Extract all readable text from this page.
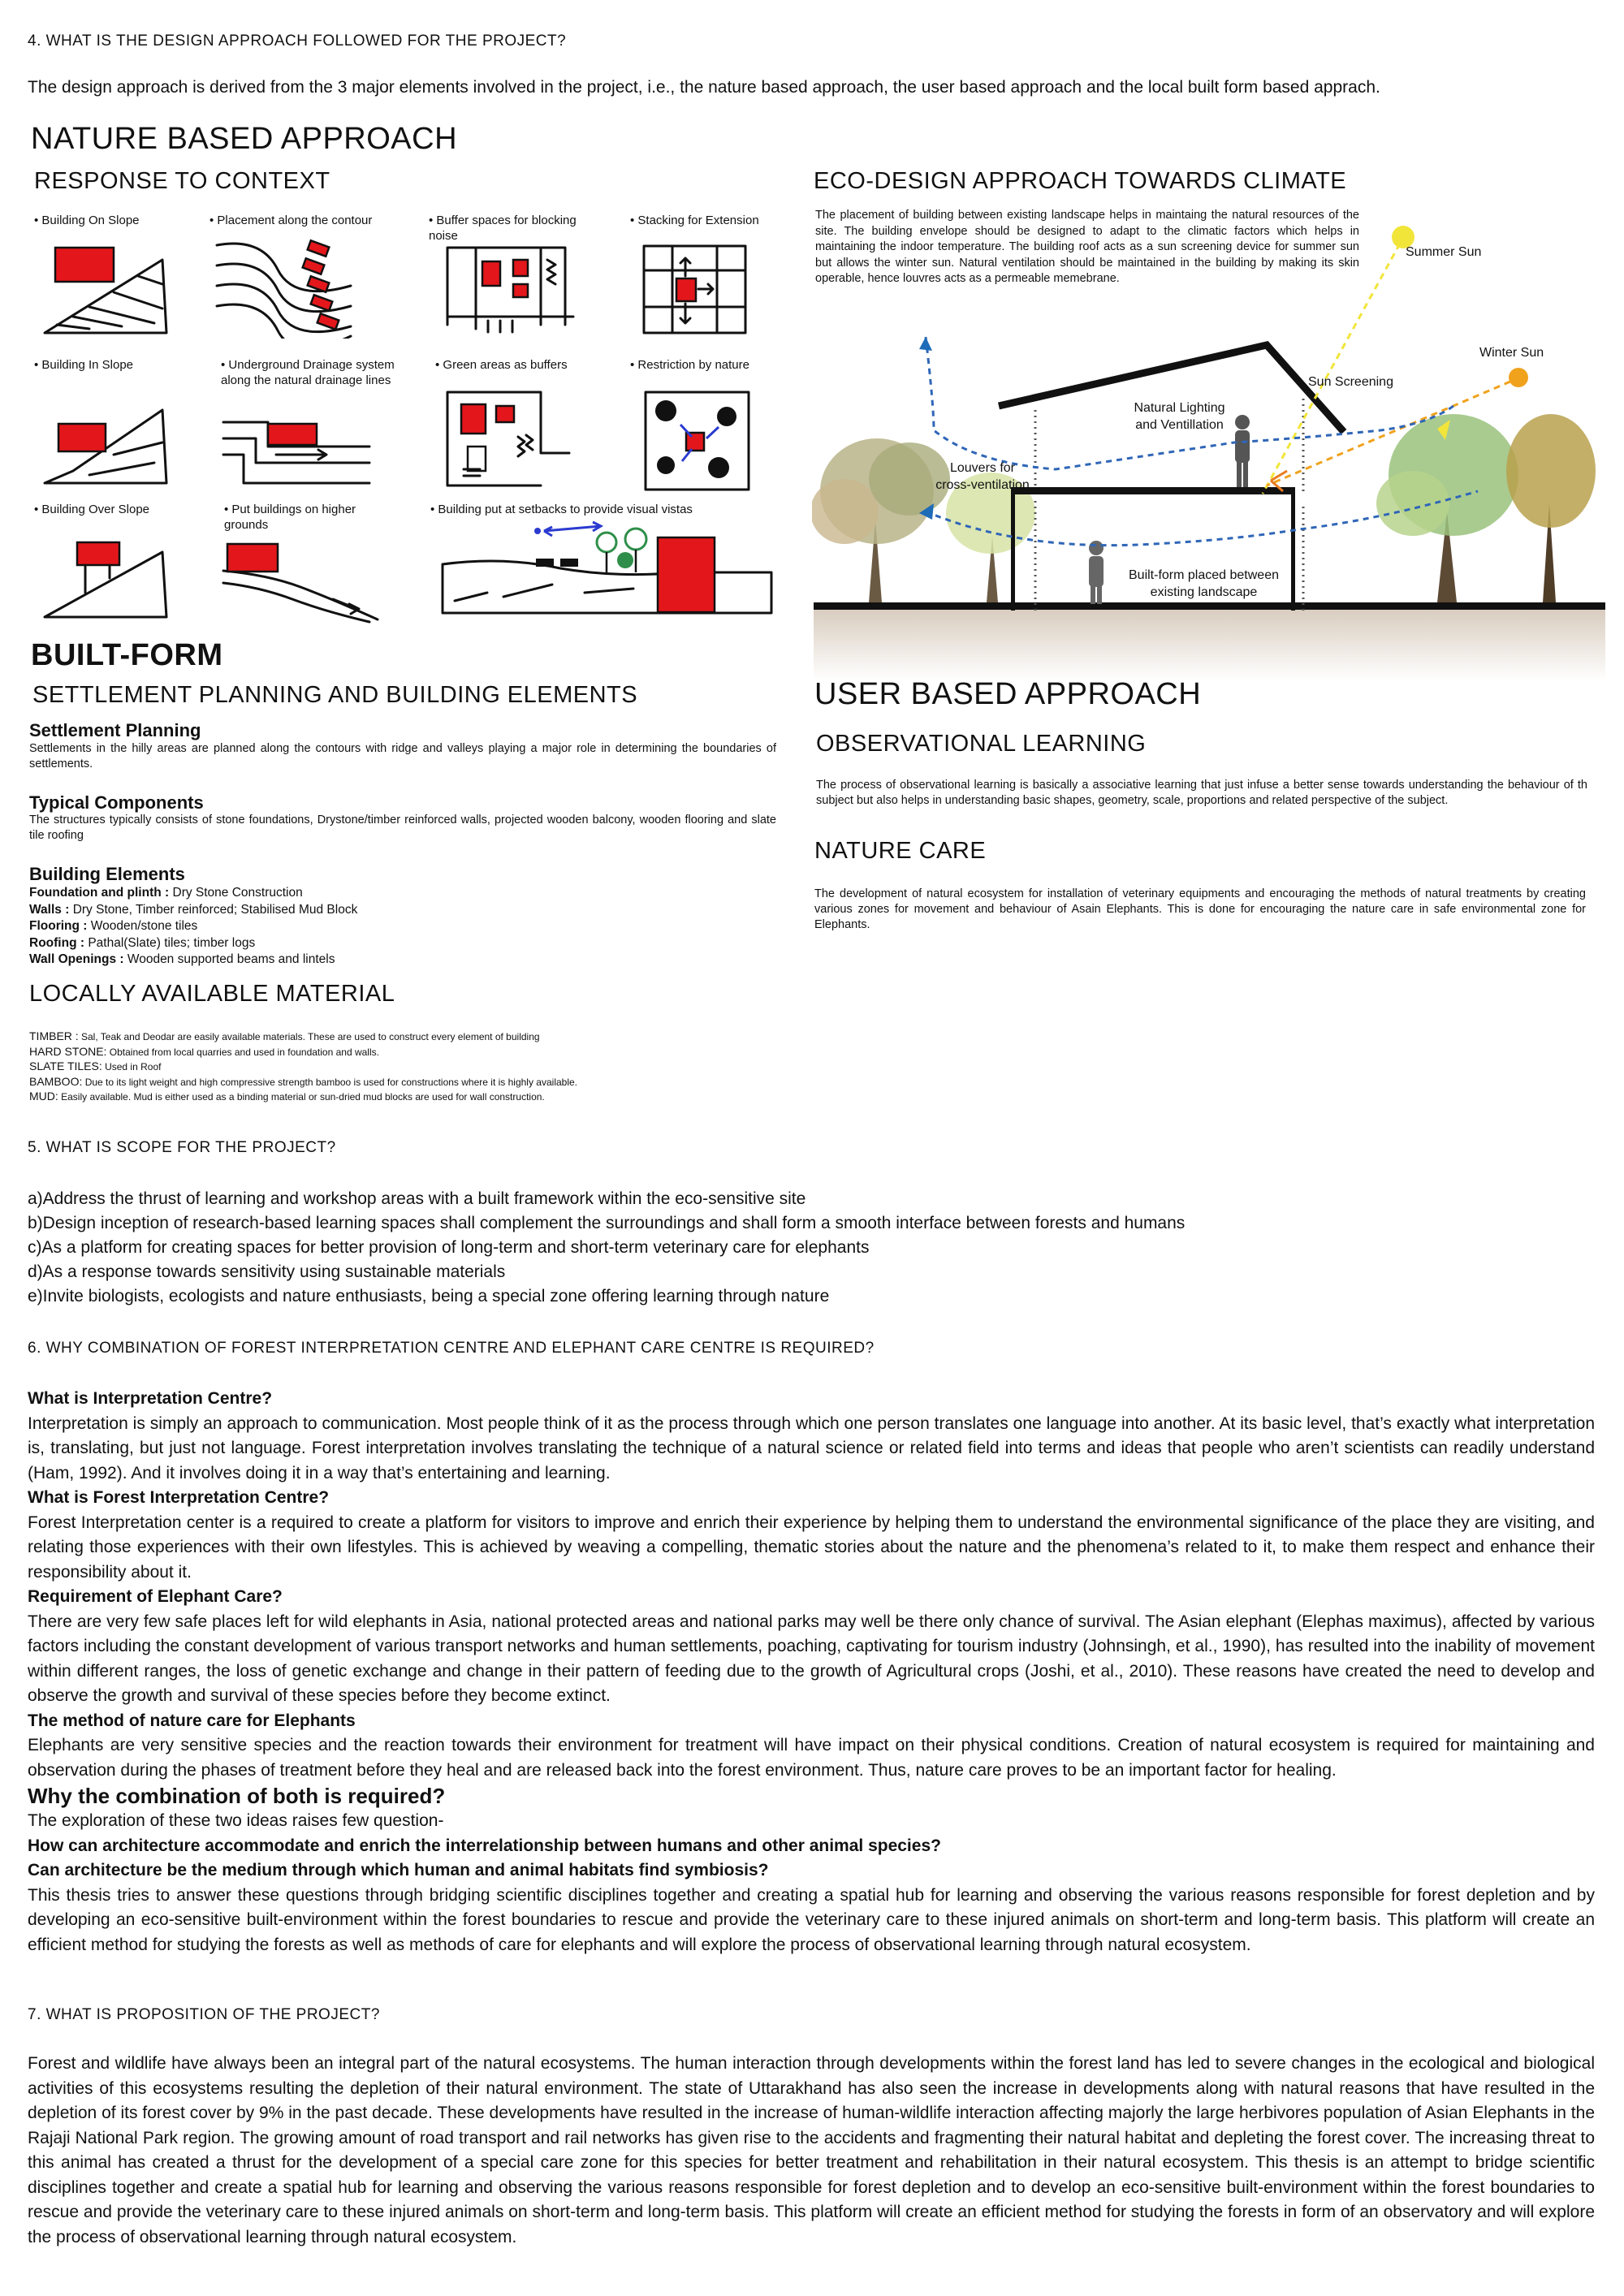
4. WHAT IS THE DESIGN APPROACH FOLLOWED FOR THE PROJECT?
The design approach is derived from the 3 major elements involved in the project, i.e., the nature based approach, the user based approach and the local built form based apprach.
NATURE BASED APPROACH
RESPONSE TO CONTEXT
• Building On Slope	• Placement along the contour	• Buffer spaces for blocking noise
• Stacking for Extension
• Building In Slope	• Underground Drainage system along the natural drainage lines
• Green areas as buffers	• Restriction by nature
• Building Over Slope	• Put buildings on higher grounds
• Building put at setbacks to provide visual vistas
ECO-DESIGN APPROACH TOWARDS CLIMATE
The placement of building between existing landscape helps in maintaing the natural resources of the site. The building envelope should be designed to adapt to the climatic factors which helps in maintaining the indoor temperature. The building roof acts as a sun screening device for summer sun but allows the winter sun. Natural ventilation should be maintained in the building by making its skin operable, hence louvres acts as a permeable memebrane.
Summer Sun
Winter Sun
Sun Screening
Natural Lighting
and Ventillation
Louvers for
cross-ventilation
Built-form placed between
existing landscape
BUILT-FORM
SETTLEMENT PLANNING AND BUILDING ELEMENTS
Settlement Planning
Settlements in the hilly areas are planned along the contours with ridge and valleys playing a major role in determining the boundaries of settlements.
Typical Components
The structures typically consists of stone foundations, Drystone/timber reinforced walls, projected wooden balcony, wooden flooring and slate tile roofing
Building Elements
Foundation and plinth : Dry Stone Construction
Walls : Dry Stone, Timber reinforced; Stabilised Mud Block
Flooring : Wooden/stone tiles
Roofing : Pathal(Slate) tiles; timber logs
Wall Openings : Wooden supported beams and lintels
LOCALLY AVAILABLE MATERIAL
TIMBER : Sal, Teak and Deodar are easily available materials. These are used to construct every element of building
HARD STONE: Obtained from local quarries and used in foundation and walls.
SLATE TILES: Used in Roof
BAMBOO: Due to its light weight and high compressive strength bamboo is used for constructions where it is highly available.
MUD: Easily available. Mud is either used as a binding material or sun-dried mud blocks are used for wall construction.
USER BASED APPROACH
OBSERVATIONAL LEARNING
The process of observational learning is basically a associative learning that just infuse a better sense towards understanding the behaviour of th subject but also helps in understanding basic shapes, geometry, scale, proportions and related perspective of the subject.
NATURE CARE
The development of natural ecosystem for installation of veterinary equipments and encouraging the methods of natural treatments by creating various zones for movement and behaviour of Asain Elephants. This is done for encouraging the nature care in safe environmental zone for Elephants.
5. WHAT IS SCOPE FOR THE PROJECT?
a)Address the thrust of learning and workshop areas with a built framework within the eco-sensitive site
b)Design inception of research-based learning spaces shall complement the surroundings and shall form a smooth interface between forests and humans
c)As a platform for creating spaces for better provision of long-term and short-term veterinary care for elephants
d)As a response towards sensitivity using sustainable materials
e)Invite biologists, ecologists and nature enthusiasts, being a special zone offering learning through nature
6. WHY COMBINATION OF FOREST INTERPRETATION CENTRE AND ELEPHANT CARE CENTRE IS REQUIRED?
What is Interpretation Centre?
Interpretation is simply an approach to communication. Most people think of it as the process through which one person translates one language into another. At its basic level, that’s exactly what interpretation is, translating, but just not language. Forest interpretation involves translating the technique of a natural science or related field into terms and ideas that people who aren’t scientists can readily understand (Ham, 1992). And it involves doing it in a way that’s entertaining and learning.
What is Forest Interpretation Centre?
Forest Interpretation center is a required to create a platform for visitors to improve and enrich their experience by helping them to understand the environmental significance of the place they are visiting, and relating those experiences with their own lifestyles. This is achieved by weaving a compelling, thematic stories about the nature and the phenomena’s related to it, to make them respect and enhance their responsibility about it.
Requirement of Elephant Care?
There are very few safe places left for wild elephants in Asia, national protected areas and national parks may well be there only chance of survival. The Asian elephant (Elephas maximus), affected by various factors including the constant development of various transport networks and human settlements, poaching, captivating for tourism industry (Johnsingh, et al., 1990), has resulted into the inability of movement within different ranges, the loss of genetic exchange and change in their pattern of feeding due to the growth of Agricultural crops (Joshi, et al., 2010). These reasons have created the need to develop and observe the growth and survival of these species before they become extinct.
The method of nature care for Elephants
Elephants are very sensitive species and the reaction towards their environment for treatment will have impact on their physical conditions. Creation of natural ecosystem is required for maintaining and observation during the phases of treatment before they heal and are released back into the forest environment. Thus, nature care proves to be an important factor for healing.
Why the combination of both is required?
The exploration of these two ideas raises few question-
How can architecture accommodate and enrich the interrelationship between humans and other animal species?
Can architecture be the medium through which human and animal habitats find symbiosis?
This thesis tries to answer these questions through bridging scientific disciplines together and creating a spatial hub for learning and observing the various reasons responsible for forest depletion and by developing an eco-sensitive built-environment within the forest boundaries to rescue and provide the veterinary care to these injured animals on short-term and long-term basis. This platform will create an efficient method for studying the forests as well as methods of care for elephants and will explore the process of observational learning through natural ecosystem.
7. WHAT IS PROPOSITION OF THE PROJECT?
Forest and wildlife have always been an integral part of the natural ecosystems. The human interaction through developments within the forest land has led to severe changes in the ecological and biological activities of this ecosystems resulting the depletion of their natural environment. The state of Uttarakhand has also seen the increase in developments along with natural reasons that have resulted in the depletion of its forest cover by 9% in the past decade. These developments have resulted in the increase of human-wildlife interaction affecting majorly the large herbivores population of Asian Elephants in the Rajaji National Park region. The growing amount of road transport and rail networks has given rise to the accidents and fragmenting their natural habitat and depleting the forest cover. The increasing threat to this animal has created a thrust for the development of a special care zone for this species for better treatment and rehabilitation in their natural ecosystem. This thesis is an attempt to bridge scientific disciplines together and create a spatial hub for learning and observing the various reasons responsible for forest depletion and to develop an eco-sensitive built-environment within the forest boundaries to rescue and provide the veterinary care to these injured animals on short-term and long-term basis. This platform will create an efficient method for studying the forests in form of an observatory and will explore the process of observational learning through natural ecosystem.
